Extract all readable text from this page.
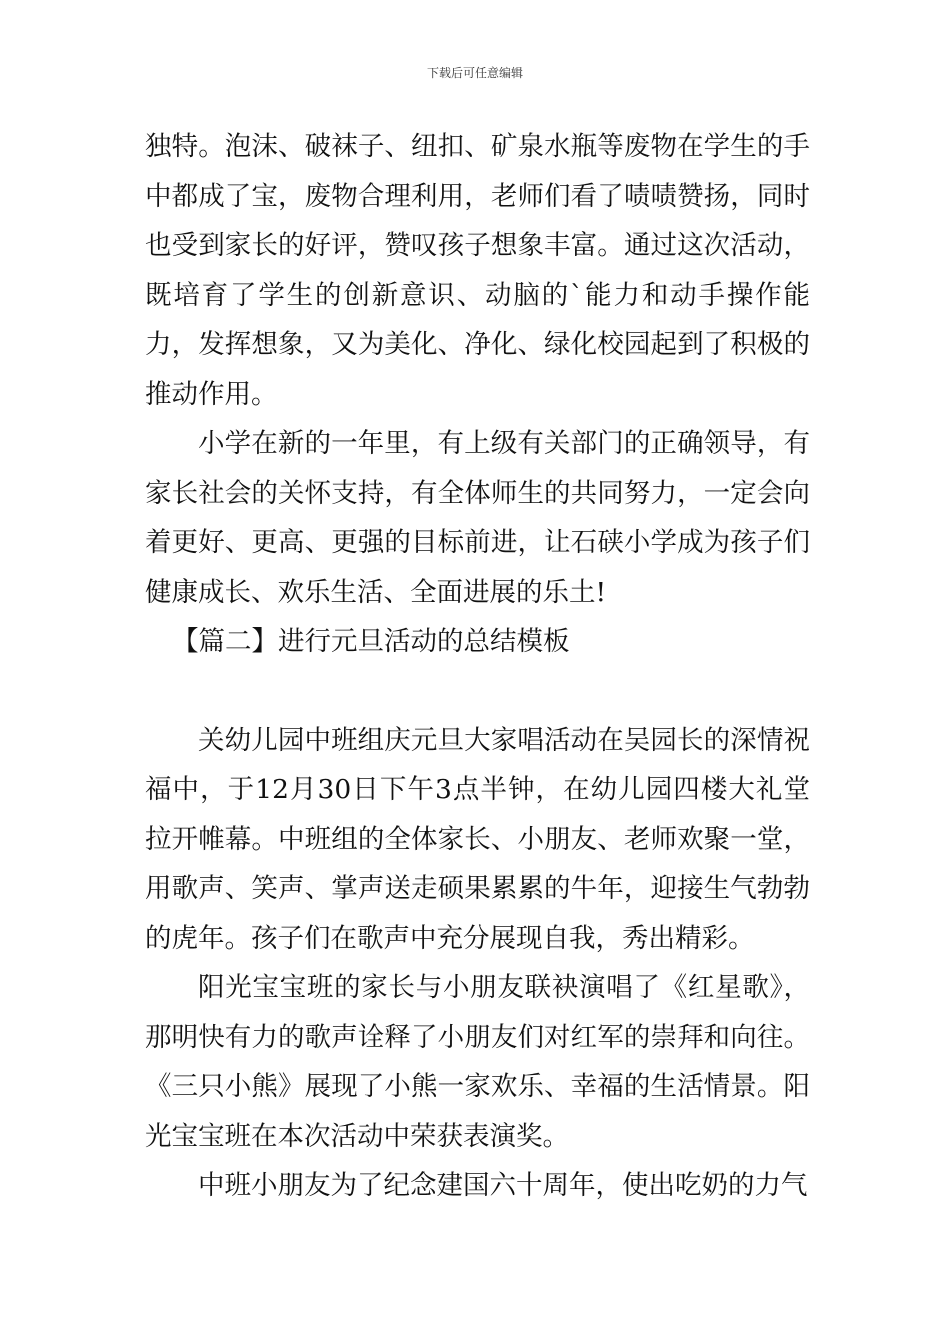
下载后可任意编辑

独特。泡沫、破袜子、纽扣、矿泉水瓶等废物在学生的手中都成了宝，废物合理利用，老师们看了啧啧赞扬，同时也受到家长的好评，赞叹孩子想象丰富。通过这次活动，既培育了学生的创新意识、动脑的`能力和动手操作能力，发挥想象，又为美化、净化、绿化校园起到了积极的推动作用。

小学在新的一年里，有上级有关部门的正确领导，有家长社会的关怀支持，有全体师生的共同努力，一定会向着更好、更高、更强的目标前进，让石硖小学成为孩子们健康成长、欢乐生活、全面进展的乐土!

【篇二】进行元旦活动的总结模板

关幼儿园中班组庆元旦大家唱活动在吴园长的深情祝福中，于12月30日下午3点半钟，在幼儿园四楼大礼堂拉开帷幕。中班组的全体家长、小朋友、老师欢聚一堂，用歌声、笑声、掌声送走硕果累累的牛年，迎接生气勃勃的虎年。孩子们在歌声中充分展现自我，秀出精彩。

阳光宝宝班的家长与小朋友联袂演唱了《红星歌》，那明快有力的歌声诠释了小朋友们对红军的崇拜和向往。《三只小熊》展现了小熊一家欢乐、幸福的生活情景。阳光宝宝班在本次活动中荣获表演奖。

中班小朋友为了纪念建国六十周年，使出吃奶的力气
